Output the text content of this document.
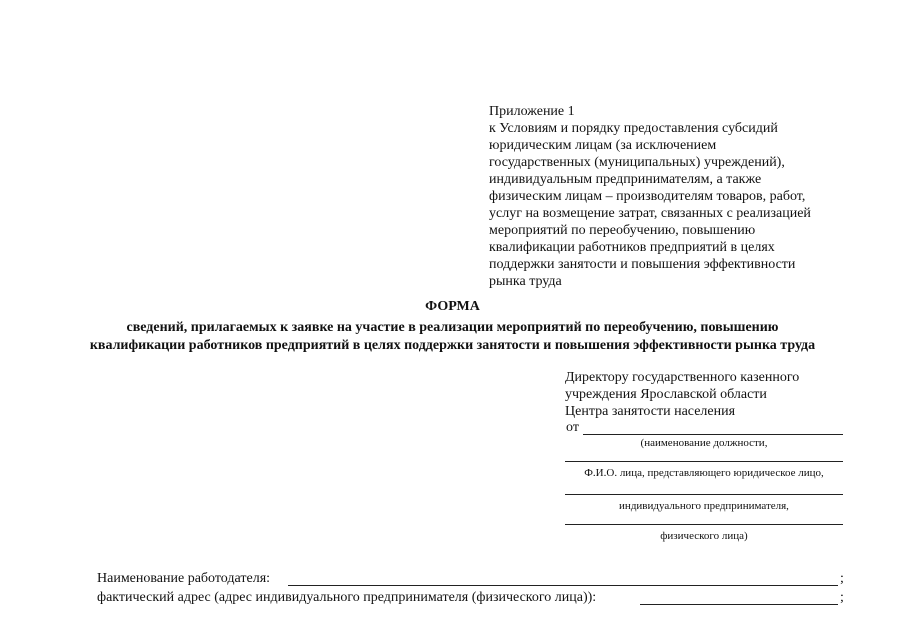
Приложение 1
к Условиям и порядку предоставления субсидий
юридическим лицам (за исключением
государственных (муниципальных) учреждений),
индивидуальным предпринимателям, а также
физическим лицам – производителям товаров, работ,
услуг на возмещение затрат, связанных с реализацией
мероприятий по переобучению, повышению
квалификации работников предприятий в целях
поддержки занятости и повышения эффективности
рынка труда
ФОРМА
сведений, прилагаемых к заявке на участие в реализации мероприятий по переобучению, повышению
квалификации работников предприятий в целях поддержки занятости и повышения эффективности рынка труда
Директору государственного казенного
учреждения Ярославской области
Центра занятости населения
от
(наименование должности,
Ф.И.О. лица, представляющего юридическое лицо,
индивидуального предпринимателя,
физического лица)
Наименование работодателя:	;
фактический адрес (адрес индивидуального предпринимателя (физического лица)):	;
